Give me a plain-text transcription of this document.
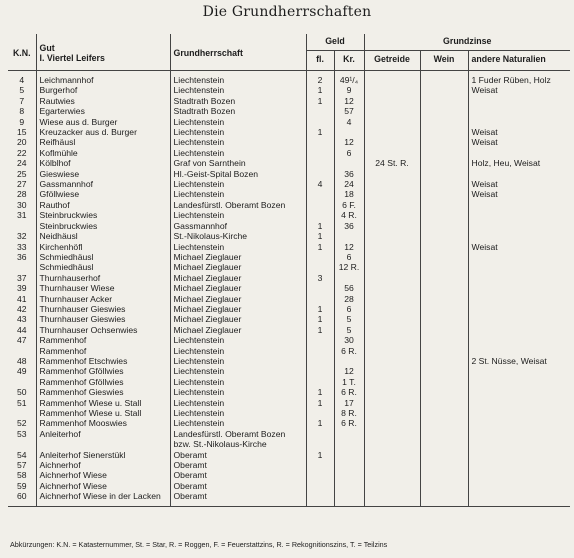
Die Grundherrschaften
K.N.	Gut
I. Viertel Leifers	Grundherrschaft	Geld		Grundzinse		
			fl.	Kr.	Getreide	Wein	andere Naturalien

4	Leichmannhof	Liechtenstein	2	49¹/₄			1 Fuder Rüben, Holz
5	Burgerhof	Liechtenstein	1	9			Weisat
7	Rautwies	Stadtrath Bozen	1	12			
8	Egarterwies	Stadtrath Bozen		57			
9	Wiese aus d. Burger	Liechtenstein		4			
15	Kreuzacker aus d. Burger	Liechtenstein	1				Weisat
20	Reifhäusl	Liechtenstein		12			Weisat
22	Koflmühle	Liechtenstein		6			
24	Kölblhof	Graf von Sarnthein			24 St. R.		Holz, Heu, Weisat
25	Gieswiese	Hl.-Geist-Spital Bozen		36			
27	Gassmannhof	Liechtenstein	4	24			Weisat
28	Gföllwiese	Liechtenstein		18			Weisat
30	Rauthof	Landesfürstl. Oberamt Bozen		6 F.			
31	Steinbruckwies	Liechtenstein		4 R.			
	Steinbruckwies	Gassmannhof	1	36			
32	Neidhäusl	St.-Nikolaus-Kirche	1				
33	Kirchenhöfl	Liechtenstein	1	12			Weisat
36	Schmiedhäusl	Michael Zieglauer		6			
	Schmiedhäusl	Michael Zieglauer		12 R.			
37	Thurnhauserhof	Michael Zieglauer	3				
39	Thurnhauser Wiese	Michael Zieglauer		56			
41	Thurnhauser Acker	Michael Zieglauer		28			
42	Thurnhauser Gieswies	Michael Zieglauer	1	6			
43	Thurnhauser Gieswies	Michael Zieglauer	1	5			
44	Thurnhauser Ochsenwies	Michael Zieglauer	1	5			
47	Rammenhof	Liechtenstein		30			
	Rammenhof	Liechtenstein		6 R.			
48	Rammenhof Etschwies	Liechtenstein					2 St. Nüsse, Weisat
49	Rammenhof Gföllwies	Liechtenstein		12			
	Rammenhof Gföllwies	Liechtenstein		1 T.			
50	Rammenhof Gieswies	Liechtenstein	1	6 R.			
51	Rammenhof Wiese u. Stall	Liechtenstein	1	17			
	Rammenhof Wiese u. Stall	Liechtenstein		8 R.			
52	Rammenhof Mooswies	Liechtenstein	1	6 R.			
53	Anleiterhof	Landesfürstl. Oberamt Bozen bzw. St.-Nikolaus-Kirche					
54	Anleiterhof Sienerstükl	Oberamt	1				
57	Aichnerhof	Oberamt					
58	Aichnerhof Wiese	Oberamt					
59	Aichnerhof Wiese	Oberamt					
60	Aichnerhof Wiese in der Lacken	Oberamt					

Abkürzungen: K.N. = Katasternummer, St. = Star, R. = Roggen, F. = Feuerstattzins, R. = Rekognitionszins, T. = Teilzins
